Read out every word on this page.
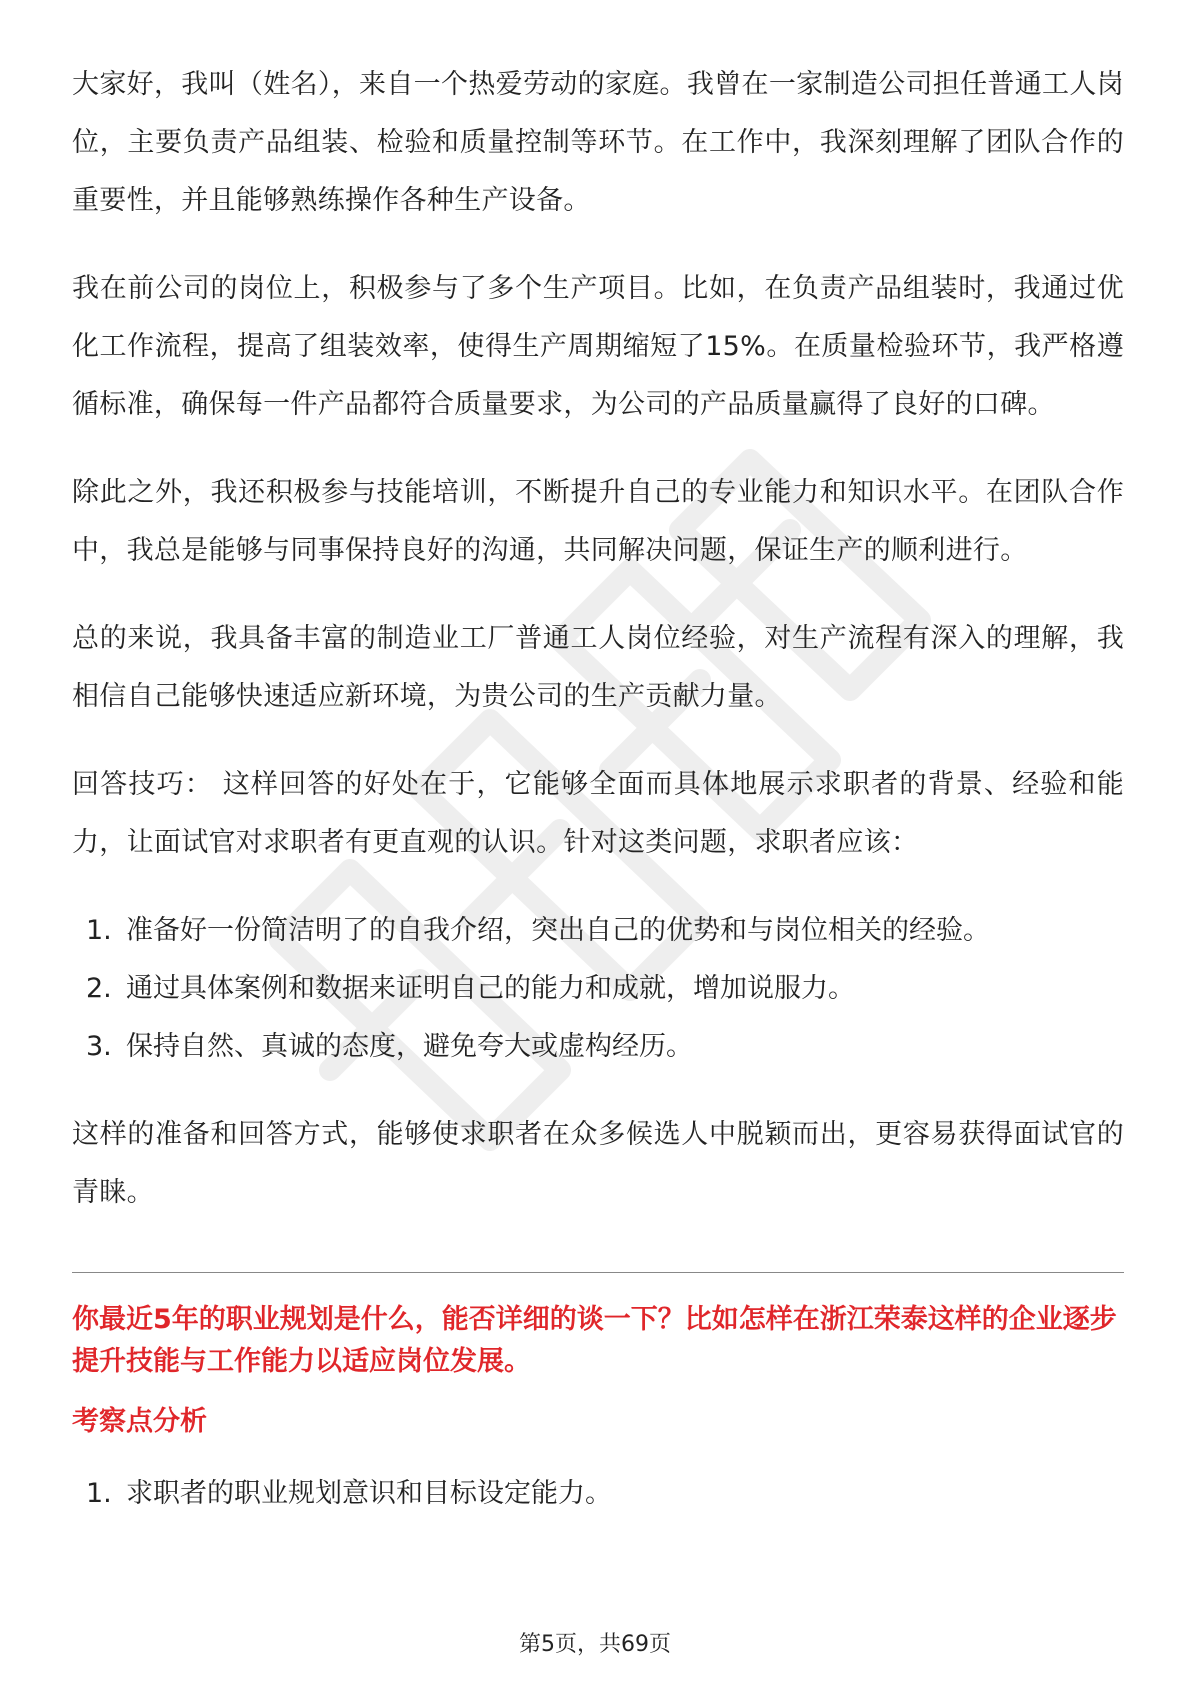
大家好，我叫（姓名），来自一个热爱劳动的家庭。我曾在一家制造公司担任普通工人岗位，主要负责产品组装、检验和质量控制等环节。在工作中，我深刻理解了团队合作的重要性，并且能够熟练操作各种生产设备。

我在前公司的岗位上，积极参与了多个生产项目。比如，在负责产品组装时，我通过优化工作流程，提高了组装效率，使得生产周期缩短了15%。在质量检验环节，我严格遵循标准，确保每一件产品都符合质量要求，为公司的产品质量赢得了良好的口碑。

除此之外，我还积极参与技能培训，不断提升自己的专业能力和知识水平。在团队合作中，我总是能够与同事保持良好的沟通，共同解决问题，保证生产的顺利进行。

总的来说，我具备丰富的制造业工厂普通工人岗位经验，对生产流程有深入的理解，我相信自己能够快速适应新环境，为贵公司的生产贡献力量。

回答技巧： 这样回答的好处在于，它能够全面而具体地展示求职者的背景、经验和能力，让面试官对求职者有更直观的认识。针对这类问题，求职者应该：

1. 准备好一份简洁明了的自我介绍，突出自己的优势和与岗位相关的经验。
2. 通过具体案例和数据来证明自己的能力和成就，增加说服力。
3. 保持自然、真诚的态度，避免夸大或虚构经历。

这样的准备和回答方式，能够使求职者在众多候选人中脱颖而出，更容易获得面试官的青睐。

你最近5年的职业规划是什么，能否详细的谈一下？比如怎样在浙江荣泰这样的企业逐步提升技能与工作能力以适应岗位发展。

考察点分析

1. 求职者的职业规划意识和目标设定能力。
第5页，共69页
